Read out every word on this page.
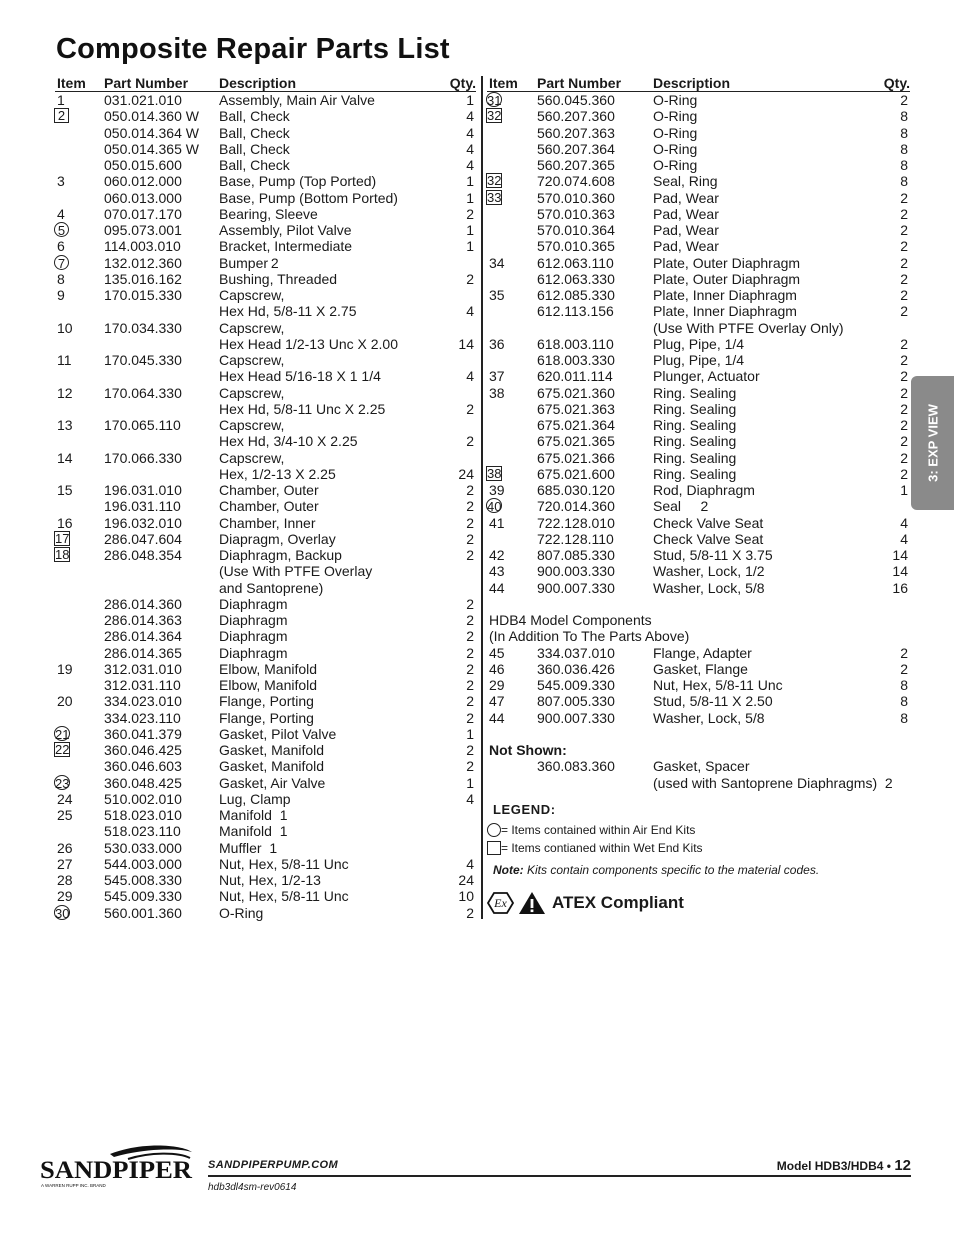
Composite Repair Parts List
Item Part Number Description	Qty.
1	031.021.010	Assembly, Main Air Valve	1
2	050.014.360 W Ball, Check	4
050.014.364 W Ball, Check	4
050.014.365 W Ball, Check	4
050.015.600	Ball, Check	4
3	060.012.000	Base, Pump (Top Ported)	1
060.013.000	Base, Pump (Bottom Ported)	1
4	070.017.170	Bearing, Sleeve	2
5	095.073.001	Assembly, Pilot Valve	1
6	114.003.010	Bracket, Intermediate	1
7	132.012.360	Bumper 2
8	135.016.162	Bushing, Threaded	2
9	170.015.330	Capscrew,
Hex Hd, 5/8-11 X 2.75	4
10 170.034.330	Capscrew,
Hex Head 1/2-13 Unc X 2.00	14
11 170.045.330	Capscrew,
Hex Head 5/16-18 X 1 1/4	4
12 170.064.330	Capscrew,
Hex Hd, 5/8-11 Unc X 2.25	2
13 170.065.110	Capscrew,
Hex Hd, 3/4-10 X 2.25	2
14 170.066.330	Capscrew,
Hex, 1/2-13 X 2.25	24
15 196.031.010	Chamber, Outer	2
196.031.110	Chamber, Outer	2
16 196.032.010	Chamber, Inner	2
17 286.047.604	Diapragm, Overlay	2
18 286.048.354	Diaphragm, Backup	2
(Use With PTFE Overlay
and Santoprene)
286.014.360	Diaphragm	2
286.014.363	Diaphragm	2
286.014.364	Diaphragm	2
286.014.365	Diaphragm	2
19 312.031.010	Elbow, Manifold	2
312.031.110	Elbow, Manifold	2
20 334.023.010	Flange, Porting	2
334.023.110	Flange, Porting	2
21 360.041.379	Gasket, Pilot Valve	1
22 360.046.425	Gasket, Manifold	2
360.046.603	Gasket, Manifold	2
23 360.048.425	Gasket, Air Valve	1
24 510.002.010	Lug, Clamp	4
25 518.023.010	Manifold  1
518.023.110	Manifold  1
26 530.033.000	Muffler  1
27 544.003.000	Nut, Hex, 5/8-11 Unc	4
28 545.008.330	Nut, Hex, 1/2-13	24
29 545.009.330	Nut, Hex, 5/8-11 Unc	10
30 560.001.360	O-Ring	2
Item Part Number Description	Qty.
31	560.045.360	O-Ring	2
32	560.207.360	O-Ring	8
560.207.363	O-Ring	8
560.207.364	O-Ring	8
560.207.365	O-Ring	8
32	720.074.608	Seal, Ring	8
33	570.010.360	Pad, Wear	2
570.010.363	Pad, Wear	2
570.010.364	Pad, Wear	2
570.010.365	Pad, Wear	2
34 612.063.110	Plate, Outer Diaphragm	2
612.063.330	Plate, Outer Diaphragm	2
35 612.085.330	Plate, Inner Diaphragm	2
612.113.156	Plate, Inner Diaphragm	2
(Use With PTFE Overlay Only)
36 618.003.110	Plug, Pipe, 1/4	2
618.003.330	Plug, Pipe, 1/4	2
37 620.011.114	Plunger, Actuator	2
38 675.021.360	Ring. Sealing	2
675.021.363	Ring. Sealing	2
675.021.364	Ring. Sealing	2
675.021.365	Ring. Sealing	2
675.021.366	Ring. Sealing	2
38	675.021.600	Ring. Sealing	2
39 685.030.120	Rod, Diaphragm	1
40	720.014.360	Seal     2
41 722.128.010	Check Valve Seat	4
722.128.110	Check Valve Seat	4
42 807.085.330	Stud, 5/8-11 X 3.75	14
43 900.003.330	Washer, Lock, 1/2	14
44 900.007.330	Washer, Lock, 5/8	16
HDB4 Model Components
(In Addition To The Parts Above)
45 334.037.010	Flange, Adapter	2
46 360.036.426	Gasket, Flange	2
29 545.009.330	Nut, Hex, 5/8-11 Unc	8
47 807.005.330	Stud, 5/8-11 X 2.50	8
44 900.007.330	Washer, Lock, 5/8	8
Not Shown:
360.083.360	Gasket, Spacer
(used with Santoprene Diaphragms) 2
LEGEND:
= Items contained within Air End Kits
= Items contianed within Wet End Kits
Note: Kits contain components specific to the material codes.
Ex	ATEX Compliant
3: EXP VIEW
SANDPIPER
A WARREN RUPP INC. BRAND
SANDPIPERPUMP.COM
hdb3dl4sm-rev0614
Model HDB3/HDB4 • 12
